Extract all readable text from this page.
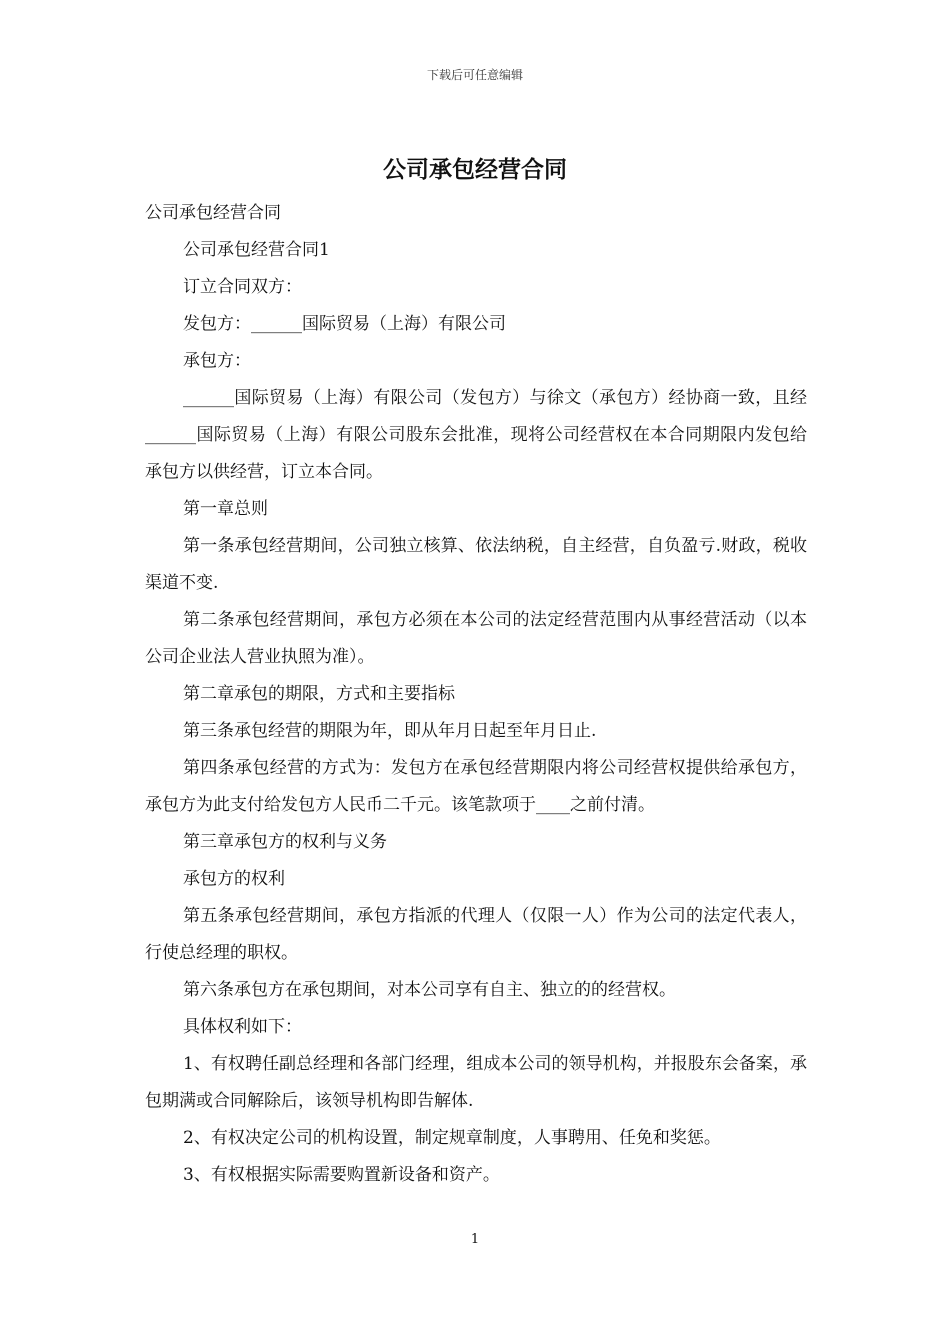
下载后可任意编辑
公司承包经营合同

公司承包经营合同

公司承包经营合同1

订立合同双方：

发包方：______国际贸易（上海）有限公司

承包方：

______国际贸易（上海）有限公司（发包方）与徐文（承包方）经协商一致，且经______国际贸易（上海）有限公司股东会批准，现将公司经营权在本合同期限内发包给承包方以供经营，订立本合同。

第一章总则

第一条承包经营期间，公司独立核算、依法纳税，自主经营，自负盈亏.财政，税收渠道不变.

第二条承包经营期间，承包方必须在本公司的法定经营范围内从事经营活动（以本公司企业法人营业执照为准）。

第二章承包的期限，方式和主要指标

第三条承包经营的期限为年，即从年月日起至年月日止.

第四条承包经营的方式为：发包方在承包经营期限内将公司经营权提供给承包方，承包方为此支付给发包方人民币二千元。该笔款项于____之前付清。

第三章承包方的权利与义务

承包方的权利

第五条承包经营期间，承包方指派的代理人（仅限一人）作为公司的法定代表人，行使总经理的职权。

第六条承包方在承包期间，对本公司享有自主、独立的的经营权。

具体权利如下：

1、有权聘任副总经理和各部门经理，组成本公司的领导机构，并报股东会备案，承包期满或合同解除后，该领导机构即告解体.

2、有权决定公司的机构设置，制定规章制度，人事聘用、任免和奖惩。

3、有权根据实际需要购置新设备和资产。

1
